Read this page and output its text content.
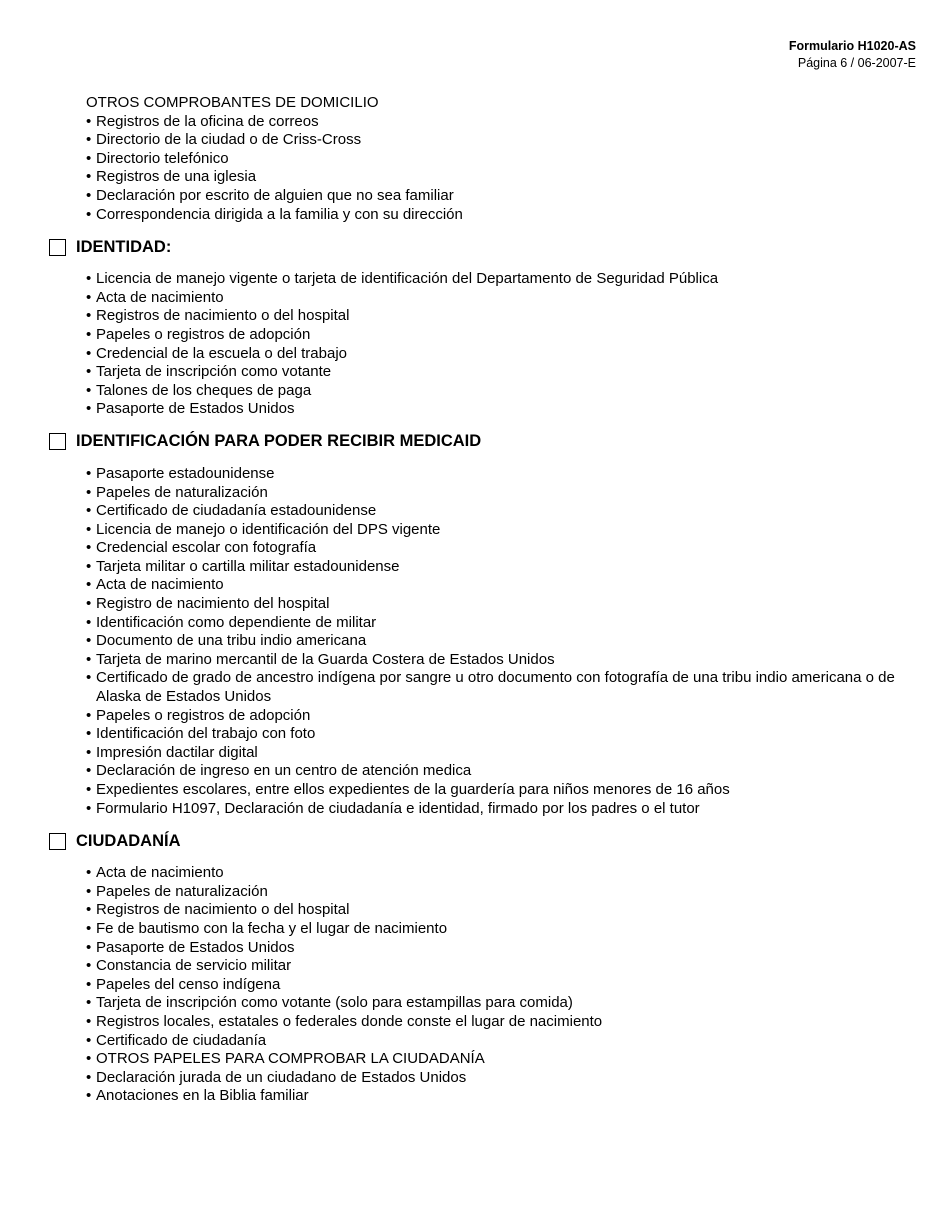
Formulario H1020-AS
Página 6 / 06-2007-E
OTROS COMPROBANTES DE DOMICILIO
• Registros de la oficina de correos
• Directorio de la ciudad o de Criss-Cross
• Directorio telefónico
• Registros de una iglesia
• Declaración por escrito de alguien que no sea familiar
• Correspondencia dirigida a la familia y con su dirección
IDENTIDAD:
• Licencia de manejo vigente o tarjeta de identificación del Departamento de Seguridad Pública
• Acta de nacimiento
• Registros de nacimiento o del hospital
• Papeles o registros de adopción
• Credencial de la escuela o del trabajo
• Tarjeta de inscripción como votante
• Talones de los cheques de paga
• Pasaporte de Estados Unidos
IDENTIFICACIÓN PARA PODER RECIBIR MEDICAID
• Pasaporte estadounidense
• Papeles de naturalización
• Certificado de ciudadanía estadounidense
• Licencia de manejo o identificación del DPS vigente
• Credencial escolar con fotografía
• Tarjeta militar o cartilla militar estadounidense
• Acta de nacimiento
• Registro de nacimiento del hospital
• Identificación como dependiente de militar
• Documento de una tribu indio americana
• Tarjeta de marino mercantil de la Guarda Costera de Estados Unidos
• Certificado de grado de ancestro indígena por sangre u otro documento con fotografía de una tribu indio americana o de Alaska de Estados Unidos
• Papeles o registros de adopción
• Identificación del trabajo con foto
• Impresión dactilar digital
• Declaración de ingreso en un centro de atención medica
• Expedientes escolares, entre ellos expedientes de la guardería para niños menores de 16 años
• Formulario H1097, Declaración de ciudadanía e identidad, firmado por los padres o el tutor
CIUDADANÍA
• Acta de nacimiento
• Papeles de naturalización
• Registros de nacimiento o del hospital
• Fe de bautismo con la fecha y el lugar de nacimiento
• Pasaporte de Estados Unidos
• Constancia de servicio militar
• Papeles del censo indígena
• Tarjeta de inscripción como votante (solo para estampillas para comida)
• Registros locales, estatales o federales donde conste el lugar de nacimiento
• Certificado de ciudadanía
• OTROS PAPELES PARA COMPROBAR LA CIUDADANÍA
• Declaración jurada de un ciudadano de Estados Unidos
• Anotaciones en la Biblia familiar
